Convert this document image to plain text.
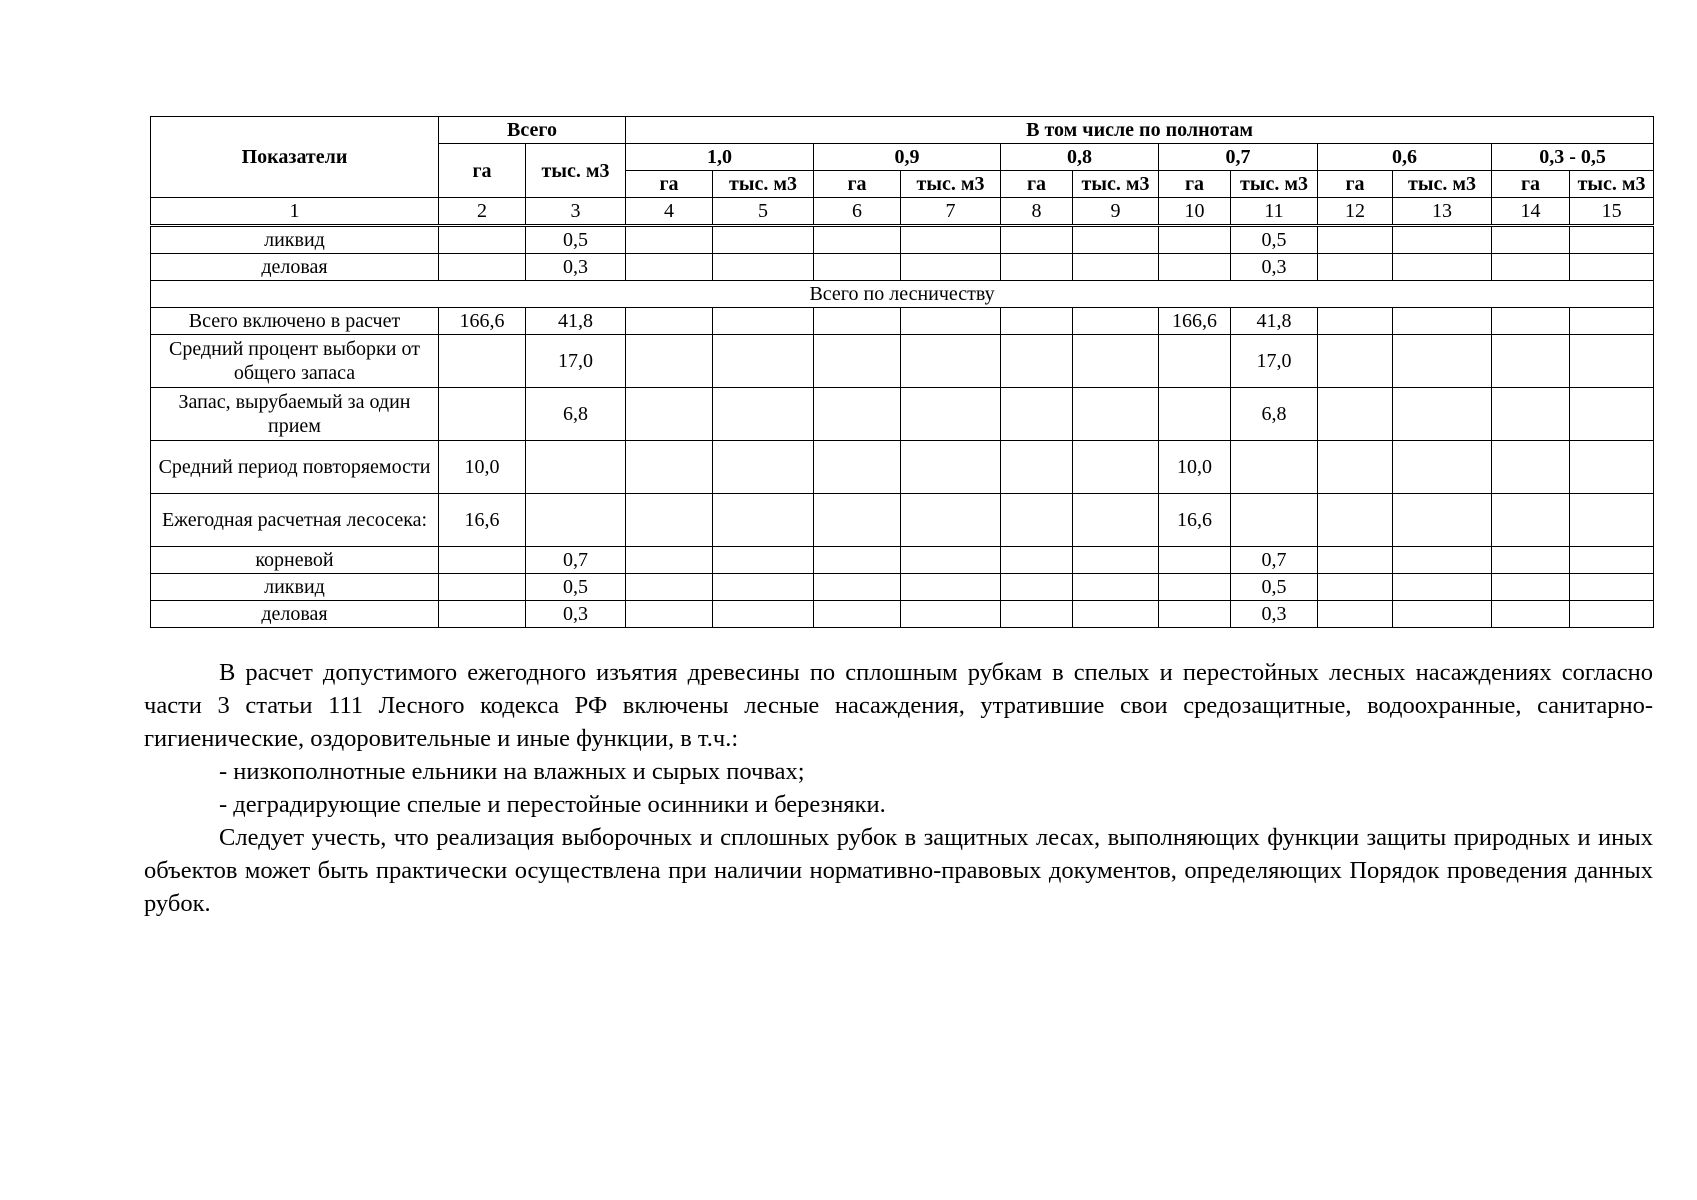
Показатели	Всего		В том числе по полнотам											
	га	тыс. м3	1,0		0,9		0,8		0,7		0,6		0,3 - 0,5	
			га	тыс. м3	га	тыс. м3	га	тыс. м3	га	тыс. м3	га	тыс. м3	га	тыс. м3
1	2	3	4	5	6	7	8	9	10	11	12	13	14	15
ликвид		0,5								0,5				
деловая		0,3								0,3				
Всего по лесничеству														
Всего включено в расчет	166,6	41,8							166,6	41,8				
Средний процент выборки от общего запаса		17,0								17,0				
Запас, вырубаемый за один прием		6,8								6,8				
Средний период повторяемости	10,0								10,0					
Ежегодная расчетная лесосека:	16,6								16,6					
корневой		0,7								0,7				
ликвид		0,5								0,5				
деловая		0,3								0,3				

В расчет допустимого ежегодного изъятия древесины по сплошным рубкам в спелых и перестойных лесных насаждениях согласно части 3 статьи 111 Лесного кодекса РФ включены лесные насаждения, утратившие свои средозащитные, водоохранные, санитарно-гигиенические, оздоровительные и иные функции, в т.ч.:

- низкополнотные ельники на влажных и сырых почвах;

- деградирующие спелые и перестойные осинники и березняки.

Следует учесть, что реализация выборочных и сплошных рубок в защитных лесах, выполняющих функции защиты природных и иных объектов может быть практически осуществлена при наличии нормативно-правовых документов, определяющих Порядок проведения данных рубок.
